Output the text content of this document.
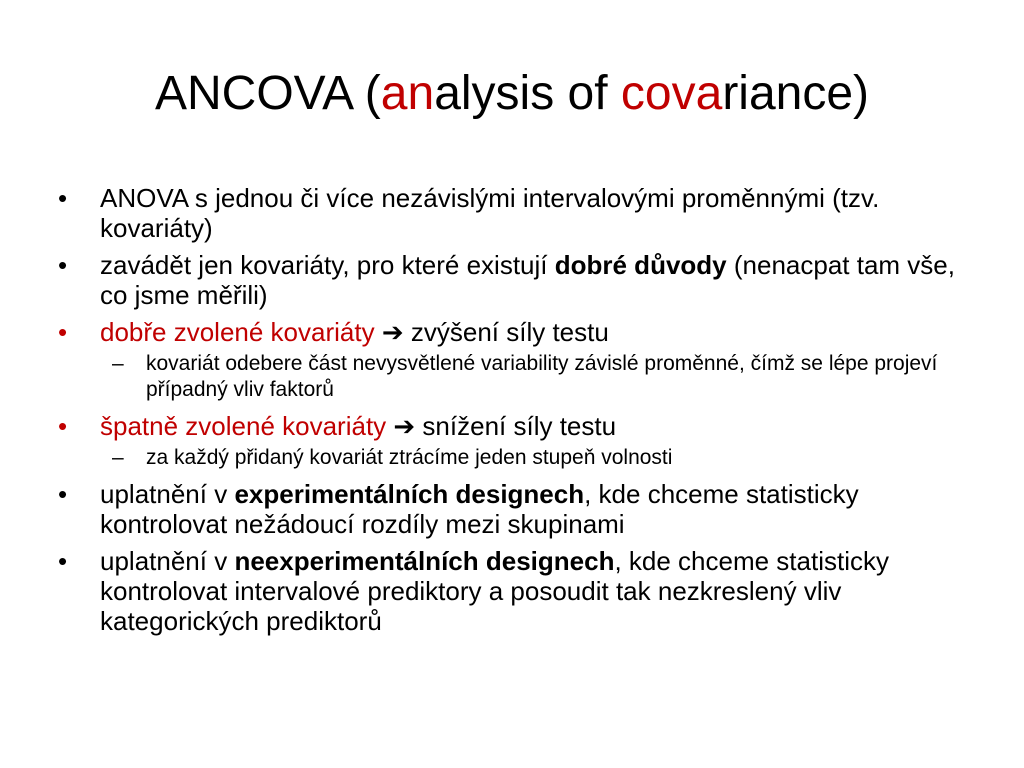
ANCOVA (analysis of covariance)
• ANOVA s jednou či více nezávislými intervalovými proměnnými (tzv. kovariáty)
• zavádět jen kovariáty, pro které existují dobré důvody (nenacpat tam vše, co jsme měřili)
• dobře zvolené kovariáty ➔ zvýšení síly testu
– kovariát odebere část nevysvětlené variability závislé proměnné, čímž se lépe projeví případný vliv faktorů
• špatně zvolené kovariáty ➔ snížení síly testu
– za každý přidaný kovariát ztrácíme jeden stupeň volnosti
• uplatnění v experimentálních designech, kde chceme statisticky kontrolovat nežádoucí rozdíly mezi skupinami
• uplatnění v neexperimentálních designech, kde chceme statisticky kontrolovat intervalové prediktory a posoudit tak nezkreslený vliv kategorických prediktorů
